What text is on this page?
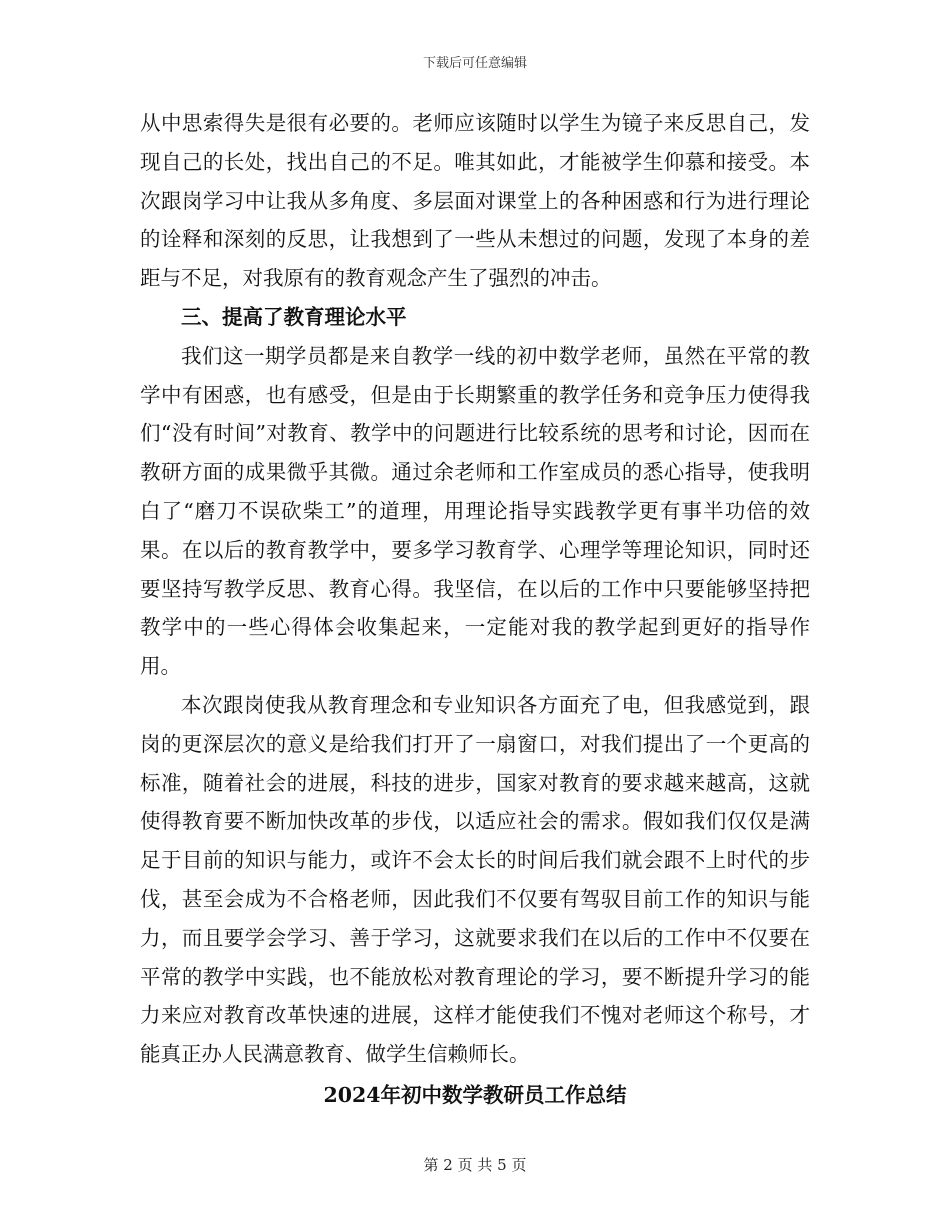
下载后可任意编辑

从中思索得失是很有必要的。老师应该随时以学生为镜子来反思自己，发现自己的长处，找出自己的不足。唯其如此，才能被学生仰慕和接受。本次跟岗学习中让我从多角度、多层面对课堂上的各种困惑和行为进行理论的诠释和深刻的反思，让我想到了一些从未想过的问题，发现了本身的差距与不足，对我原有的教育观念产生了强烈的冲击。

三、提高了教育理论水平

我们这一期学员都是来自教学一线的初中数学老师，虽然在平常的教学中有困惑，也有感受，但是由于长期繁重的教学任务和竞争压力使得我们“没有时间”对教育、教学中的问题进行比较系统的思考和讨论，因而在教研方面的成果微乎其微。通过余老师和工作室成员的悉心指导，使我明白了“磨刀不误砍柴工”的道理，用理论指导实践教学更有事半功倍的效果。在以后的教育教学中，要多学习教育学、心理学等理论知识，同时还要坚持写教学反思、教育心得。我坚信，在以后的工作中只要能够坚持把教学中的一些心得体会收集起来，一定能对我的教学起到更好的指导作用。

本次跟岗使我从教育理念和专业知识各方面充了电，但我感觉到，跟岗的更深层次的意义是给我们打开了一扇窗口，对我们提出了一个更高的标准，随着社会的进展，科技的进步，国家对教育的要求越来越高，这就使得教育要不断加快改革的步伐，以适应社会的需求。假如我们仅仅是满足于目前的知识与能力，或许不会太长的时间后我们就会跟不上时代的步伐，甚至会成为不合格老师，因此我们不仅要有驾驭目前工作的知识与能力，而且要学会学习、善于学习，这就要求我们在以后的工作中不仅要在平常的教学中实践，也不能放松对教育理论的学习，要不断提升学习的能力来应对教育改革快速的进展，这样才能使我们不愧对老师这个称号，才能真正办人民满意教育、做学生信赖师长。

2024年初中数学教研员工作总结

第 2 页 共 5 页
